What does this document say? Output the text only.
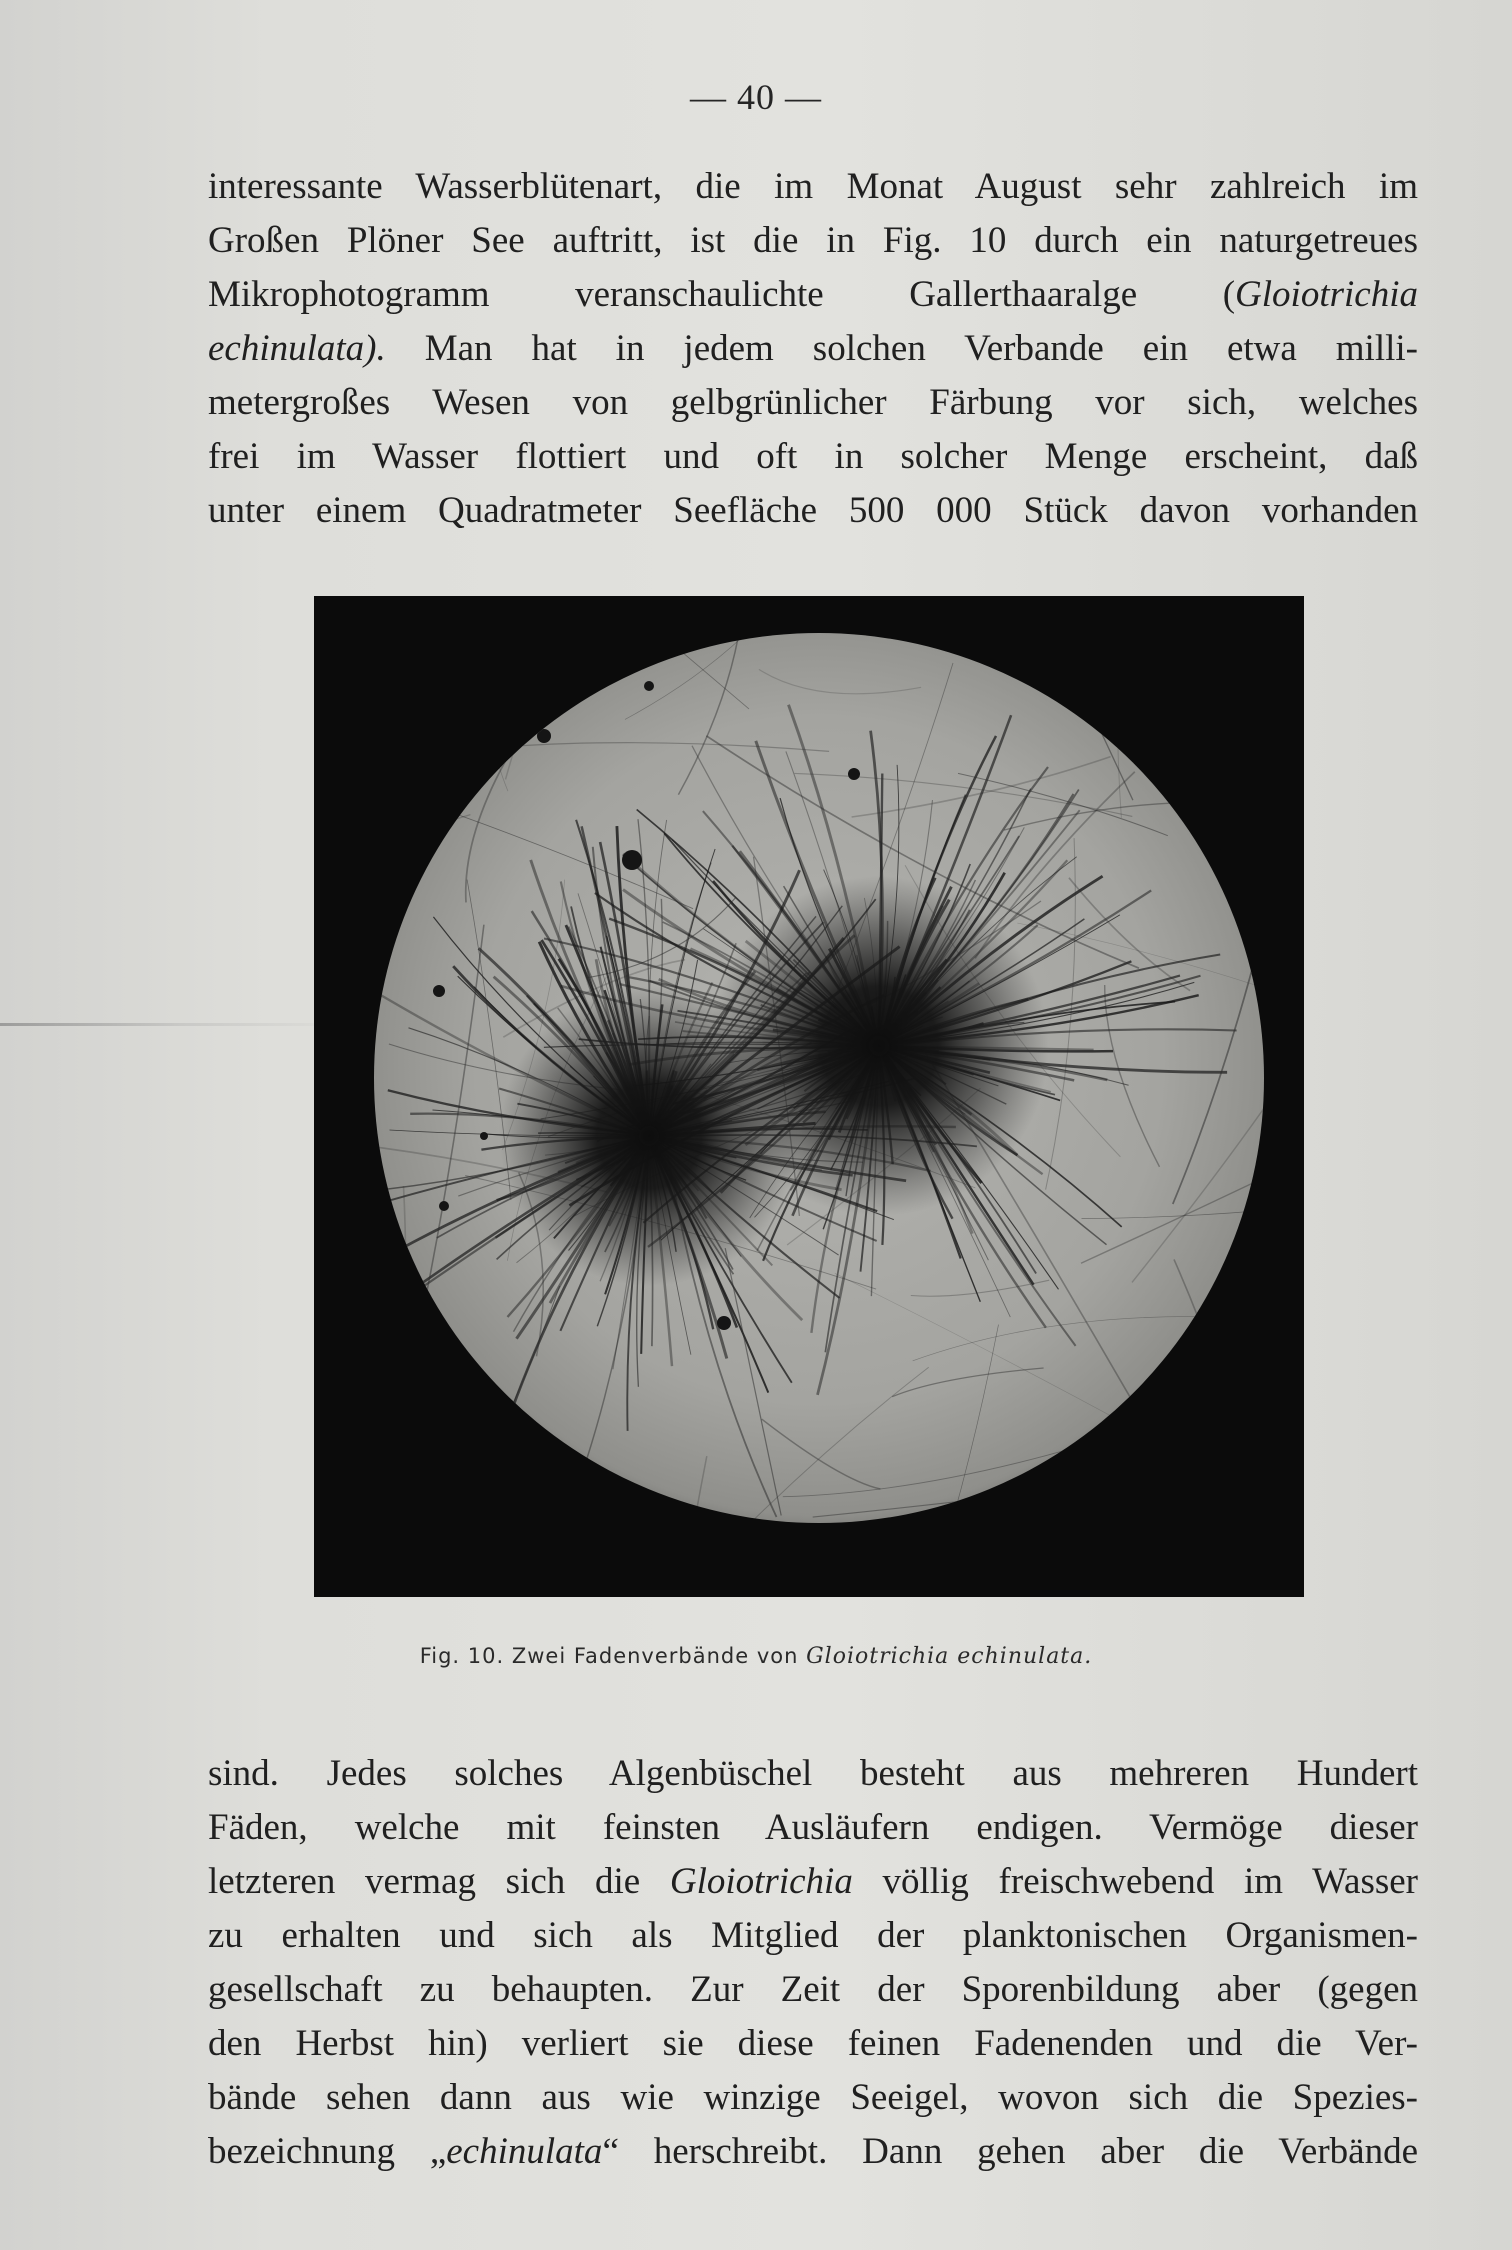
— 40 —
interessante Wasserblütenart, die im Monat August sehr zahlreich im
Großen Plöner See auftritt, ist die in Fig. 10 durch ein naturgetreues
Mikrophotogramm veranschaulichte Gallerthaaralge (Gloiotrichia
echinulata). Man hat in jedem solchen Verbande ein etwa milli-
metergroßes Wesen von gelbgrünlicher Färbung vor sich, welches
frei im Wasser flottiert und oft in solcher Menge erscheint, daß
unter einem Quadratmeter Seefläche 500 000 Stück davon vorhanden
Fig. 10. Zwei Fadenverbände von Gloiotrichia echinulata.
sind. Jedes solches Algenbüschel besteht aus mehreren Hundert
Fäden, welche mit feinsten Ausläufern endigen. Vermöge dieser
letzteren vermag sich die Gloiotrichia völlig freischwebend im Wasser
zu erhalten und sich als Mitglied der planktonischen Organismen-
gesellschaft zu behaupten. Zur Zeit der Sporenbildung aber (gegen
den Herbst hin) verliert sie diese feinen Fadenenden und die Ver-
bände sehen dann aus wie winzige Seeigel, wovon sich die Spezies-
bezeichnung „echinulata“ herschreibt. Dann gehen aber die Verbände
